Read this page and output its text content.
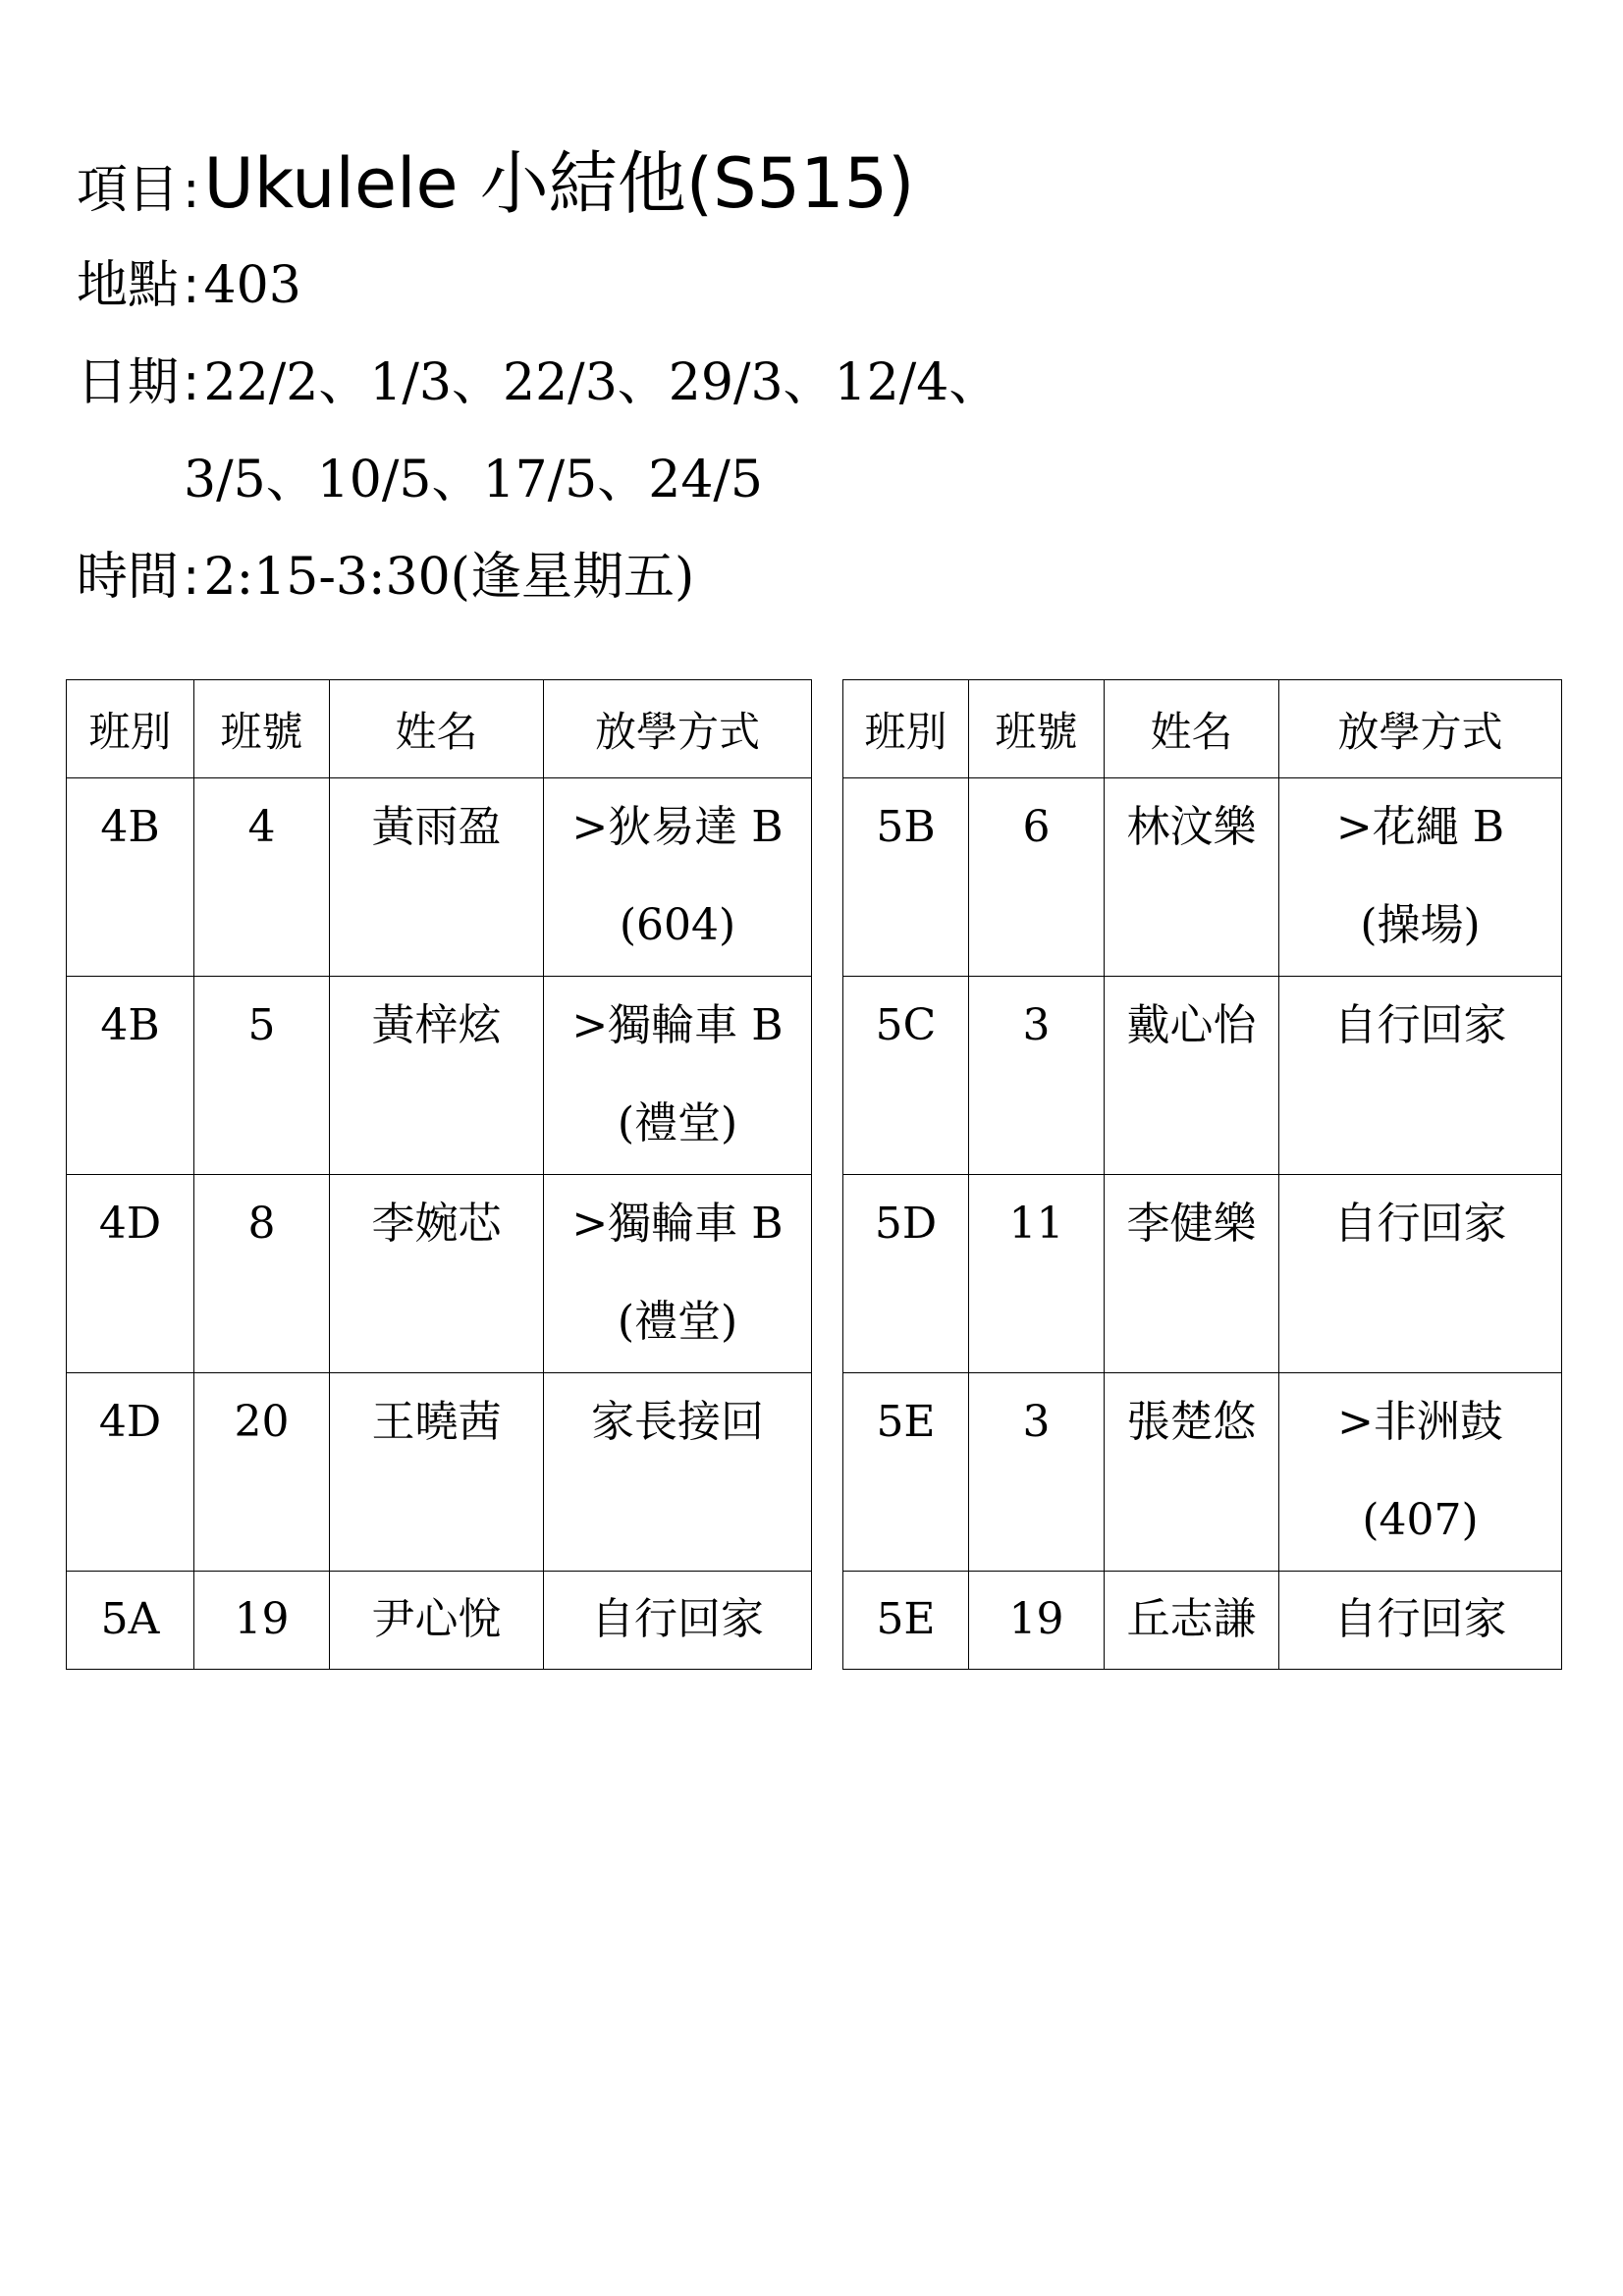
項目:Ukulele 小結他(S515)
地點:403
日期:22/2、1/3、22/3、29/3、12/4、
3/5、10/5、17/5、24/5
時間:2:15-3:30(逢星期五)
班別	班號	姓名	放學方式
4B	4	黃雨盈	>狄易達 B
(604)

4B	5	黃梓炫	>獨輪車 B
(禮堂)

4D	8	李婉芯	>獨輪車 B
(禮堂)

4D	20	王曉茜	家長接回

5A	19	尹心悅	自行回家
班別	班號	姓名	放學方式
5B	6	林汶樂	>花繩 B
(操場)

5C	3	戴心怡	自行回家

5D	11	李健樂	自行回家

5E	3	張楚悠	>非洲鼓
(407)

5E	19	丘志謙	自行回家
